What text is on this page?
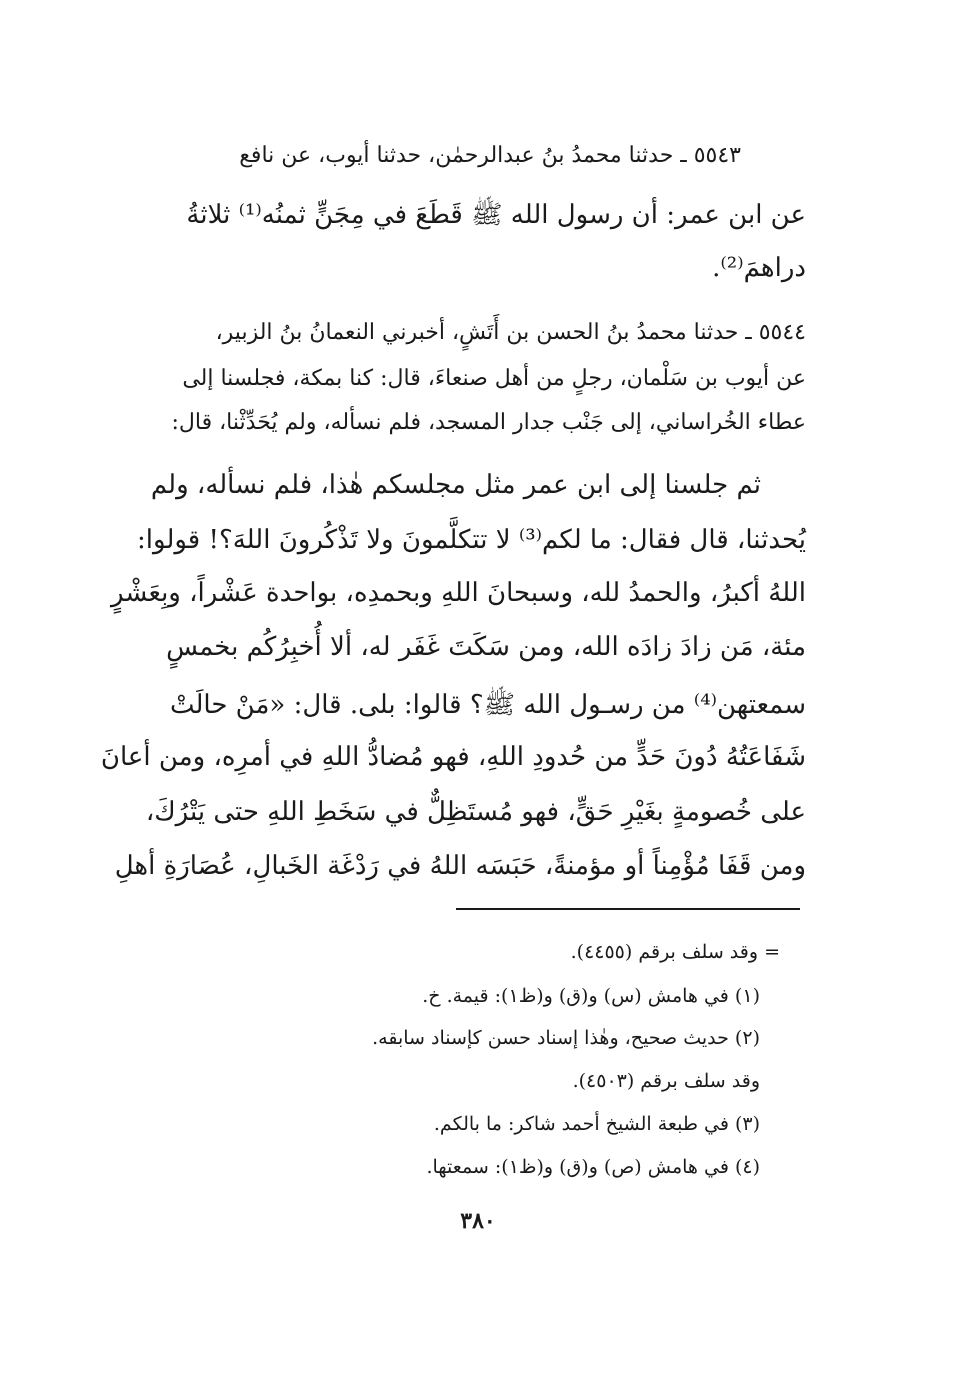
٥٥٤٣ ـ حدثنا محمدُ بنُ عبدالرحمٰن، حدثنا أيوب، عن نافع
عن ابن عمر: أن رسول الله ﷺ قَطَعَ في مِجَنٍّ ثمنُه⁽¹⁾ ثلاثةُ
دراهمَ⁽²⁾.
٥٥٤٤ ـ حدثنا محمدُ بنُ الحسن بن أَتَشٍ، أخبرني النعمانُ بنُ الزبير،
عن أيوب بن سَلْمان، رجلٍ من أهل صنعاءَ، قال: كنا بمكة، فجلسنا إلى
عطاء الخُراساني، إلى جَنْب جدار المسجد، فلم نسأله، ولم يُحَدِّثْنا، قال:
ثم جلسنا إلى ابن عمر مثل مجلسكم هٰذا، فلم نسأله، ولم
يُحدثنا، قال فقال: ما لكم⁽³⁾ لا تتكلَّمونَ ولا تَذْكُرونَ اللهَ؟! قولوا:
اللهُ أكبرُ، والحمدُ لله، وسبحانَ اللهِ وبحمدِه، بواحدة عَشْراً، وبِعَشْرٍ
مئة، مَن زادَ زادَه الله، ومن سَكَتَ غَفَر له، ألا أُخبِرُكُم بخمسٍ
سمعتهن⁽⁴⁾ من رسـول الله ﷺ؟ قالوا: بلى. قال: «مَنْ حالَتْ
شَفَاعَتُهُ دُونَ حَدٍّ من حُدودِ اللهِ، فهو مُضادُّ اللهِ في أمرِه، ومن أعانَ
على خُصومةٍ بغَيْرِ حَقٍّ، فهو مُستَظِلٌّ في سَخَطِ اللهِ حتى يَتْرُكَ،
ومن قَفَا مُؤْمِناً أو مؤمنةً، حَبَسَه اللهُ في رَدْغَة الخَبالِ، عُصَارَةِ أهلِ
= وقد سلف برقم (٤٤٥٥).
(١) في هامش (س) و(ق) و(ظ١): قيمة. خ.
(٢) حديث صحيح، وهٰذا إسناد حسن كإسناد سابقه.
وقد سلف برقم (٤٥٠٣).
(٣) في طبعة الشيخ أحمد شاكر: ما بالكم.
(٤) في هامش (ص) و(ق) و(ظ١): سمعتها.
٣٨٠
